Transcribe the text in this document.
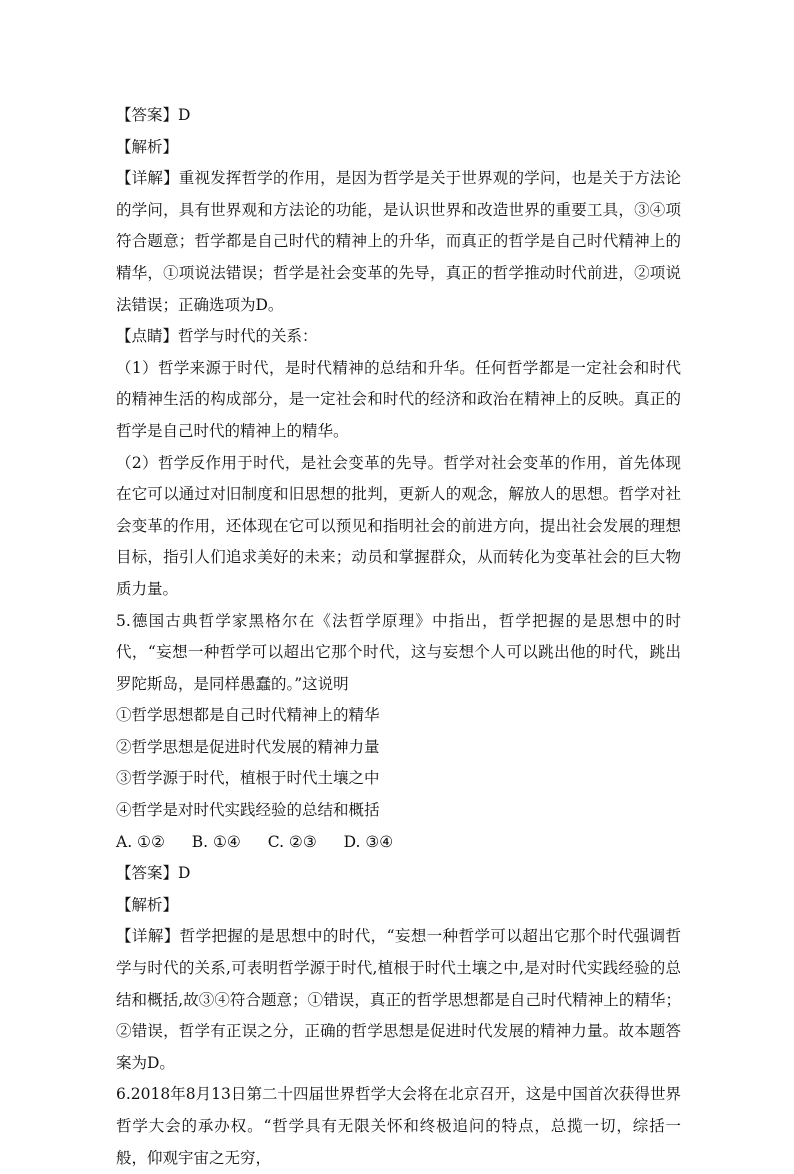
【答案】D
【解析】

【详解】重视发挥哲学的作用，是因为哲学是关于世界观的学问，也是关于方法论的学问，具有世界观和方法论的功能，是认识世界和改造世界的重要工具，③④项符合题意；哲学都是自己时代的精神上的升华，而真正的哲学是自己时代精神上的精华，①项说法错误；哲学是社会变革的先导，真正的哲学推动时代前进，②项说法错误；正确选项为D。

【点睛】哲学与时代的关系：

（1）哲学来源于时代，是时代精神的总结和升华。任何哲学都是一定社会和时代的精神生活的构成部分，是一定社会和时代的经济和政治在精神上的反映。真正的哲学是自己时代的精神上的精华。

（2）哲学反作用于时代，是社会变革的先导。哲学对社会变革的作用，首先体现在它可以通过对旧制度和旧思想的批判，更新人的观念，解放人的思想。哲学对社会变革的作用，还体现在它可以预见和指明社会的前进方向，提出社会发展的理想目标，指引人们追求美好的未来；动员和掌握群众，从而转化为变革社会的巨大物质力量。

5.德国古典哲学家黑格尔在《法哲学原理》中指出，哲学把握的是思想中的时代，“妄想一种哲学可以超出它那个时代，这与妄想个人可以跳出他的时代，跳出罗陀斯岛，是同样愚蠢的。”这说明

①哲学思想都是自己时代精神上的精华
②哲学思想是促进时代发展的精神力量
③哲学源于时代，植根于时代土壤之中
④哲学是对时代实践经验的总结和概括
A. ①② B. ①④ C. ②③ D. ③④
【答案】D
【解析】

【详解】哲学把握的是思想中的时代，“妄想一种哲学可以超出它那个时代强调哲学与时代的关系,可表明哲学源于时代,植根于时代土壤之中,是对时代实践经验的总结和概括,故③④符合题意；①错误，真正的哲学思想都是自己时代精神上的精华；②错误，哲学有正误之分，正确的哲学思想是促进时代发展的精神力量。故本题答案为D。

6.2018年8月13日第二十四届世界哲学大会将在北京召开，这是中国首次获得世界哲学大会的承办权。“哲学具有无限关怀和终极追问的特点，总揽一切，综括一般，仰观宇宙之无穷，
